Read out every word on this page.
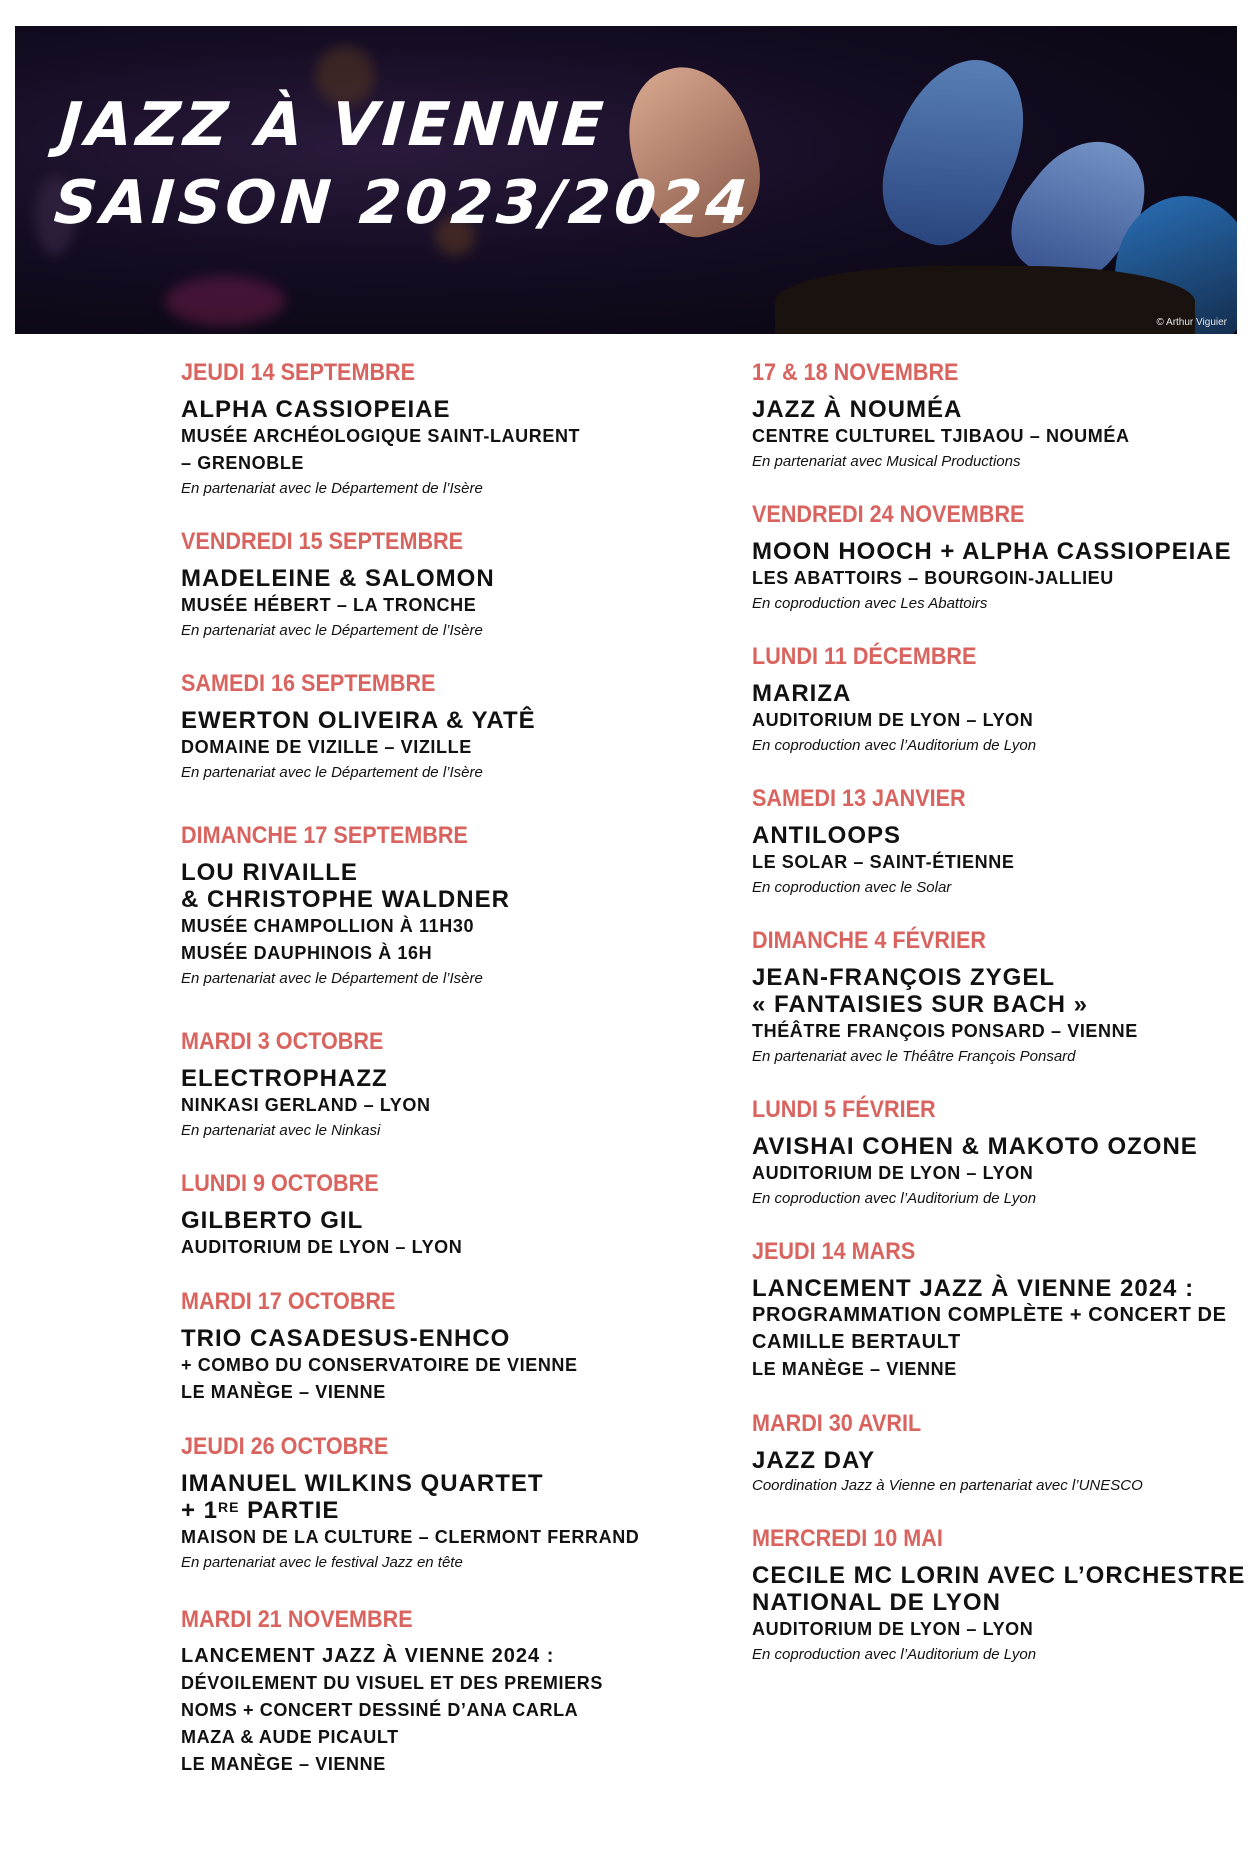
JAZZ À VIENNE
SAISON 2023/2024
© Arthur Viguier
JEUDI 14 SEPTEMBRE
ALPHA CASSIOPEIAE
MUSÉE ARCHÉOLOGIQUE SAINT-LAURENT
– GRENOBLE
En partenariat avec le Département de l’Isère
VENDREDI 15 SEPTEMBRE
MADELEINE & SALOMON
MUSÉE HÉBERT – LA TRONCHE
En partenariat avec le Département de l’Isère
SAMEDI 16 SEPTEMBRE
EWERTON OLIVEIRA & YATÊ
DOMAINE DE VIZILLE – VIZILLE
En partenariat avec le Département de l’Isère
DIMANCHE 17 SEPTEMBRE
LOU RIVAILLE
& CHRISTOPHE WALDNER
MUSÉE CHAMPOLLION À 11H30
MUSÉE DAUPHINOIS À 16H
En partenariat avec le Département de l’Isère
MARDI 3 OCTOBRE
ELECTROPHAZZ
NINKASI GERLAND – LYON
En partenariat avec le Ninkasi
LUNDI 9 OCTOBRE
GILBERTO GIL
AUDITORIUM DE LYON – LYON
MARDI 17 OCTOBRE
TRIO CASADESUS-ENHCO
+ COMBO DU CONSERVATOIRE DE VIENNE
LE MANÈGE – VIENNE
JEUDI 26 OCTOBRE
IMANUEL WILKINS QUARTET
+ 1RE PARTIE
MAISON DE LA CULTURE – CLERMONT FERRAND
En partenariat avec le festival Jazz en tête
MARDI 21 NOVEMBRE
LANCEMENT JAZZ À VIENNE 2024 :
DÉVOILEMENT DU VISUEL ET DES PREMIERS
NOMS + CONCERT DESSINÉ D’ANA CARLA
MAZA & AUDE PICAULT
LE MANÈGE – VIENNE
17 & 18 NOVEMBRE
JAZZ À NOUMÉA
CENTRE CULTUREL TJIBAOU – NOUMÉA
En partenariat avec Musical Productions
VENDREDI 24 NOVEMBRE
MOON HOOCH + ALPHA CASSIOPEIAE
LES ABATTOIRS – BOURGOIN-JALLIEU
En coproduction avec Les Abattoirs
LUNDI 11 DÉCEMBRE
MARIZA
AUDITORIUM DE LYON – LYON
En coproduction avec l’Auditorium de Lyon
SAMEDI 13 JANVIER
ANTILOOPS
LE SOLAR – SAINT-ÉTIENNE
En coproduction avec le Solar
DIMANCHE 4 FÉVRIER
JEAN-FRANÇOIS ZYGEL
« FANTAISIES SUR BACH »
THÉÂTRE FRANÇOIS PONSARD – VIENNE
En partenariat avec le Théâtre François Ponsard
LUNDI 5 FÉVRIER
AVISHAI COHEN & MAKOTO OZONE
AUDITORIUM DE LYON – LYON
En coproduction avec l’Auditorium de Lyon
JEUDI 14 MARS
LANCEMENT JAZZ À VIENNE 2024 :
PROGRAMMATION COMPLÈTE + CONCERT DE
CAMILLE BERTAULT
LE MANÈGE – VIENNE
MARDI 30 AVRIL
JAZZ DAY
Coordination Jazz à Vienne en partenariat avec l’UNESCO
MERCREDI 10 MAI
CECILE MC LORIN AVEC L’ORCHESTRE
NATIONAL DE LYON
AUDITORIUM DE LYON – LYON
En coproduction avec l’Auditorium de Lyon
